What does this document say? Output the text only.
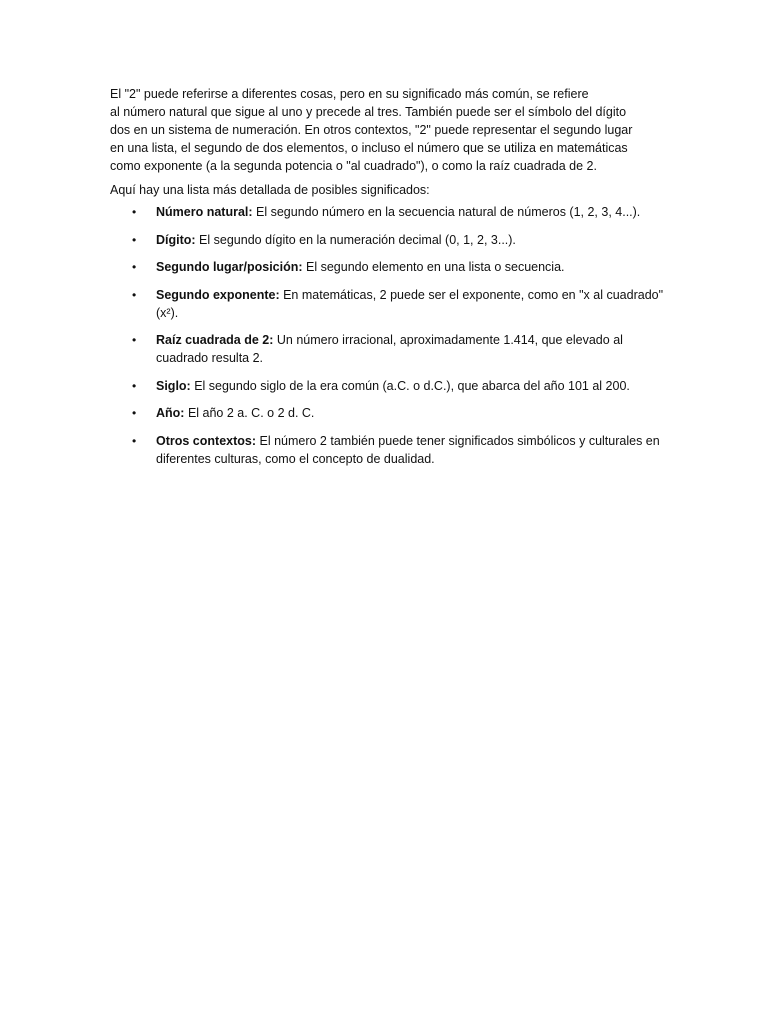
El "2" puede referirse a diferentes cosas, pero en su significado más común, se refiere
al número natural que sigue al uno y precede al tres. También puede ser el símbolo del dígito
dos en un sistema de numeración. En otros contextos, "2" puede representar el segundo lugar
en una lista, el segundo de dos elementos, o incluso el número que se utiliza en matemáticas
como exponente (a la segunda potencia o "al cuadrado"), o como la raíz cuadrada de 2.

Aquí hay una lista más detallada de posibles significados:

• Número natural: El segundo número en la secuencia natural de números (1, 2, 3, 4...).
• Dígito: El segundo dígito en la numeración decimal (0, 1, 2, 3...).
• Segundo lugar/posición: El segundo elemento en una lista o secuencia.
• Segundo exponente: En matemáticas, 2 puede ser el exponente, como en "x al cuadrado" (x²).
• Raíz cuadrada de 2: Un número irracional, aproximadamente 1.414, que elevado al cuadrado resulta 2.
• Siglo: El segundo siglo de la era común (a.C. o d.C.), que abarca del año 101 al 200.
• Año: El año 2 a. C. o 2 d. C.
• Otros contextos: El número 2 también puede tener significados simbólicos y culturales en diferentes culturas, como el concepto de dualidad.
